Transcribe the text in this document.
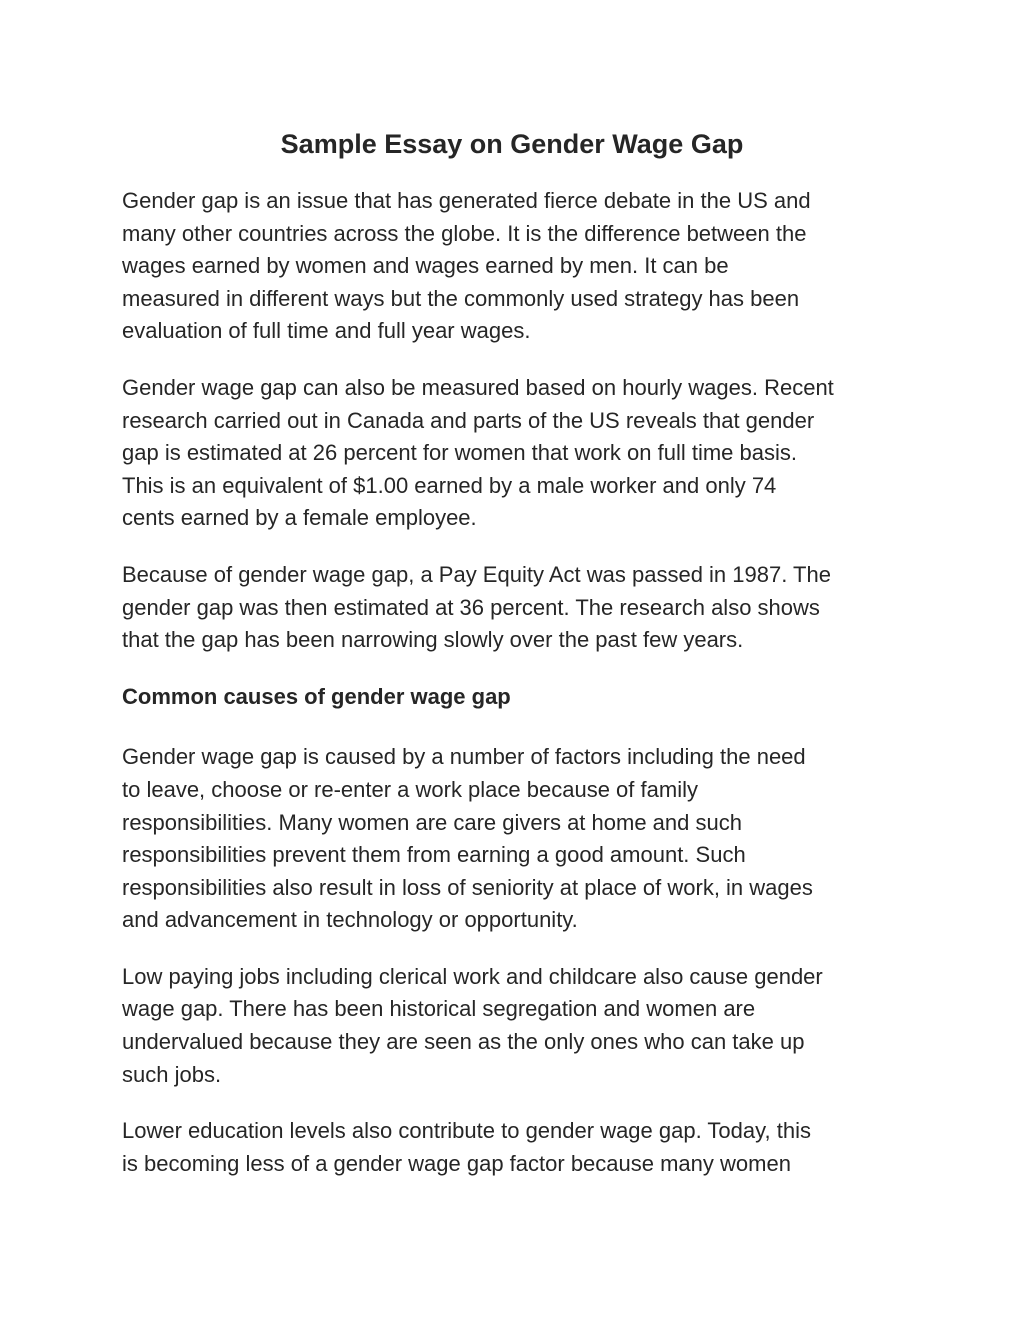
Sample Essay on Gender Wage Gap

Gender gap is an issue that has generated fierce debate in the US and
many other countries across the globe. It is the difference between the
wages earned by women and wages earned by men. It can be
measured in different ways but the commonly used strategy has been
evaluation of full time and full year wages.

Gender wage gap can also be measured based on hourly wages. Recent
research carried out in Canada and parts of the US reveals that gender
gap is estimated at 26 percent for women that work on full time basis.
This is an equivalent of $1.00 earned by a male worker and only 74
cents earned by a female employee.

Because of gender wage gap, a Pay Equity Act was passed in 1987. The
gender gap was then estimated at 36 percent. The research also shows
that the gap has been narrowing slowly over the past few years.

Common causes of gender wage gap

Gender wage gap is caused by a number of factors including the need
to leave, choose or re-enter a work place because of family
responsibilities. Many women are care givers at home and such
responsibilities prevent them from earning a good amount. Such
responsibilities also result in loss of seniority at place of work, in wages
and advancement in technology or opportunity.

Low paying jobs including clerical work and childcare also cause gender
wage gap. There has been historical segregation and women are
undervalued because they are seen as the only ones who can take up
such jobs.

Lower education levels also contribute to gender wage gap. Today, this
is becoming less of a gender wage gap factor because many women
